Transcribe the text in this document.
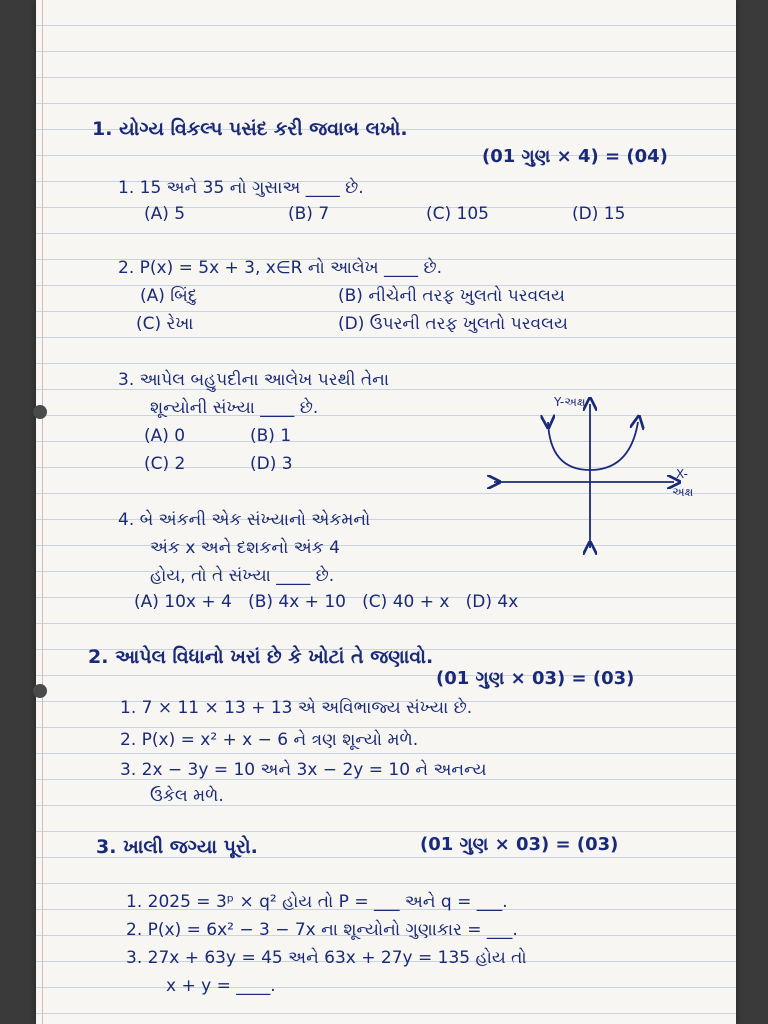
1. યોગ્ય વિકલ્પ પસંદ કરી જવાબ લખો.
(01 ગુણ × 4) = (04)
1. 15 અને 35 નો ગુસાઅ ____ છે.
(A) 5	(B) 7	(C) 105	(D) 15
2. P(x) = 5x + 3, x∈R નો આલેખ ____ છે.
(A) બિંદુ	(B) નીચેની તરફ ખુલતો પરવલય
(C) રેખા	(D) ઉપરની તરફ ખુલતો પરવલય
3. આપેલ બહુપદીના આલેખ પરથી તેના
શૂન્યોની સંખ્યા ____ છે.
(A) 0	(B) 1
(C) 2	(D) 3
Y-અક્ષ
X-
અક્ષ
4. બે અંકની એક સંખ્યાનો એકમનો
અંક x અને દશકનો અંક 4
હોય, તો તે સંખ્યા ____ છે.
(A) 10x + 4   (B) 4x + 10   (C) 40 + x   (D) 4x
2. આપેલ વિધાનો ખરાં છે કે ખોટાં તે જણાવો.
(01 ગુણ × 03) = (03)
1. 7 × 11 × 13 + 13 એ અવિભાજ્ય સંખ્યા છે.
2. P(x) = x² + x − 6 ને ત્રણ શૂન્યો મળે.
3. 2x − 3y = 10 અને 3x − 2y = 10 ને અનન્ય
ઉકેલ મળે.
3. ખાલી જગ્યા પૂરો.	(01 ગુણ × 03) = (03)
1. 2025 = 3ᵖ × q² હોય તો P = ___ અને q = ___.
2. P(x) = 6x² − 3 − 7x ના શૂન્યોનો ગુણાકાર = ___.
3. 27x + 63y = 45 અને 63x + 27y = 135 હોય તો
x + y = ____.
